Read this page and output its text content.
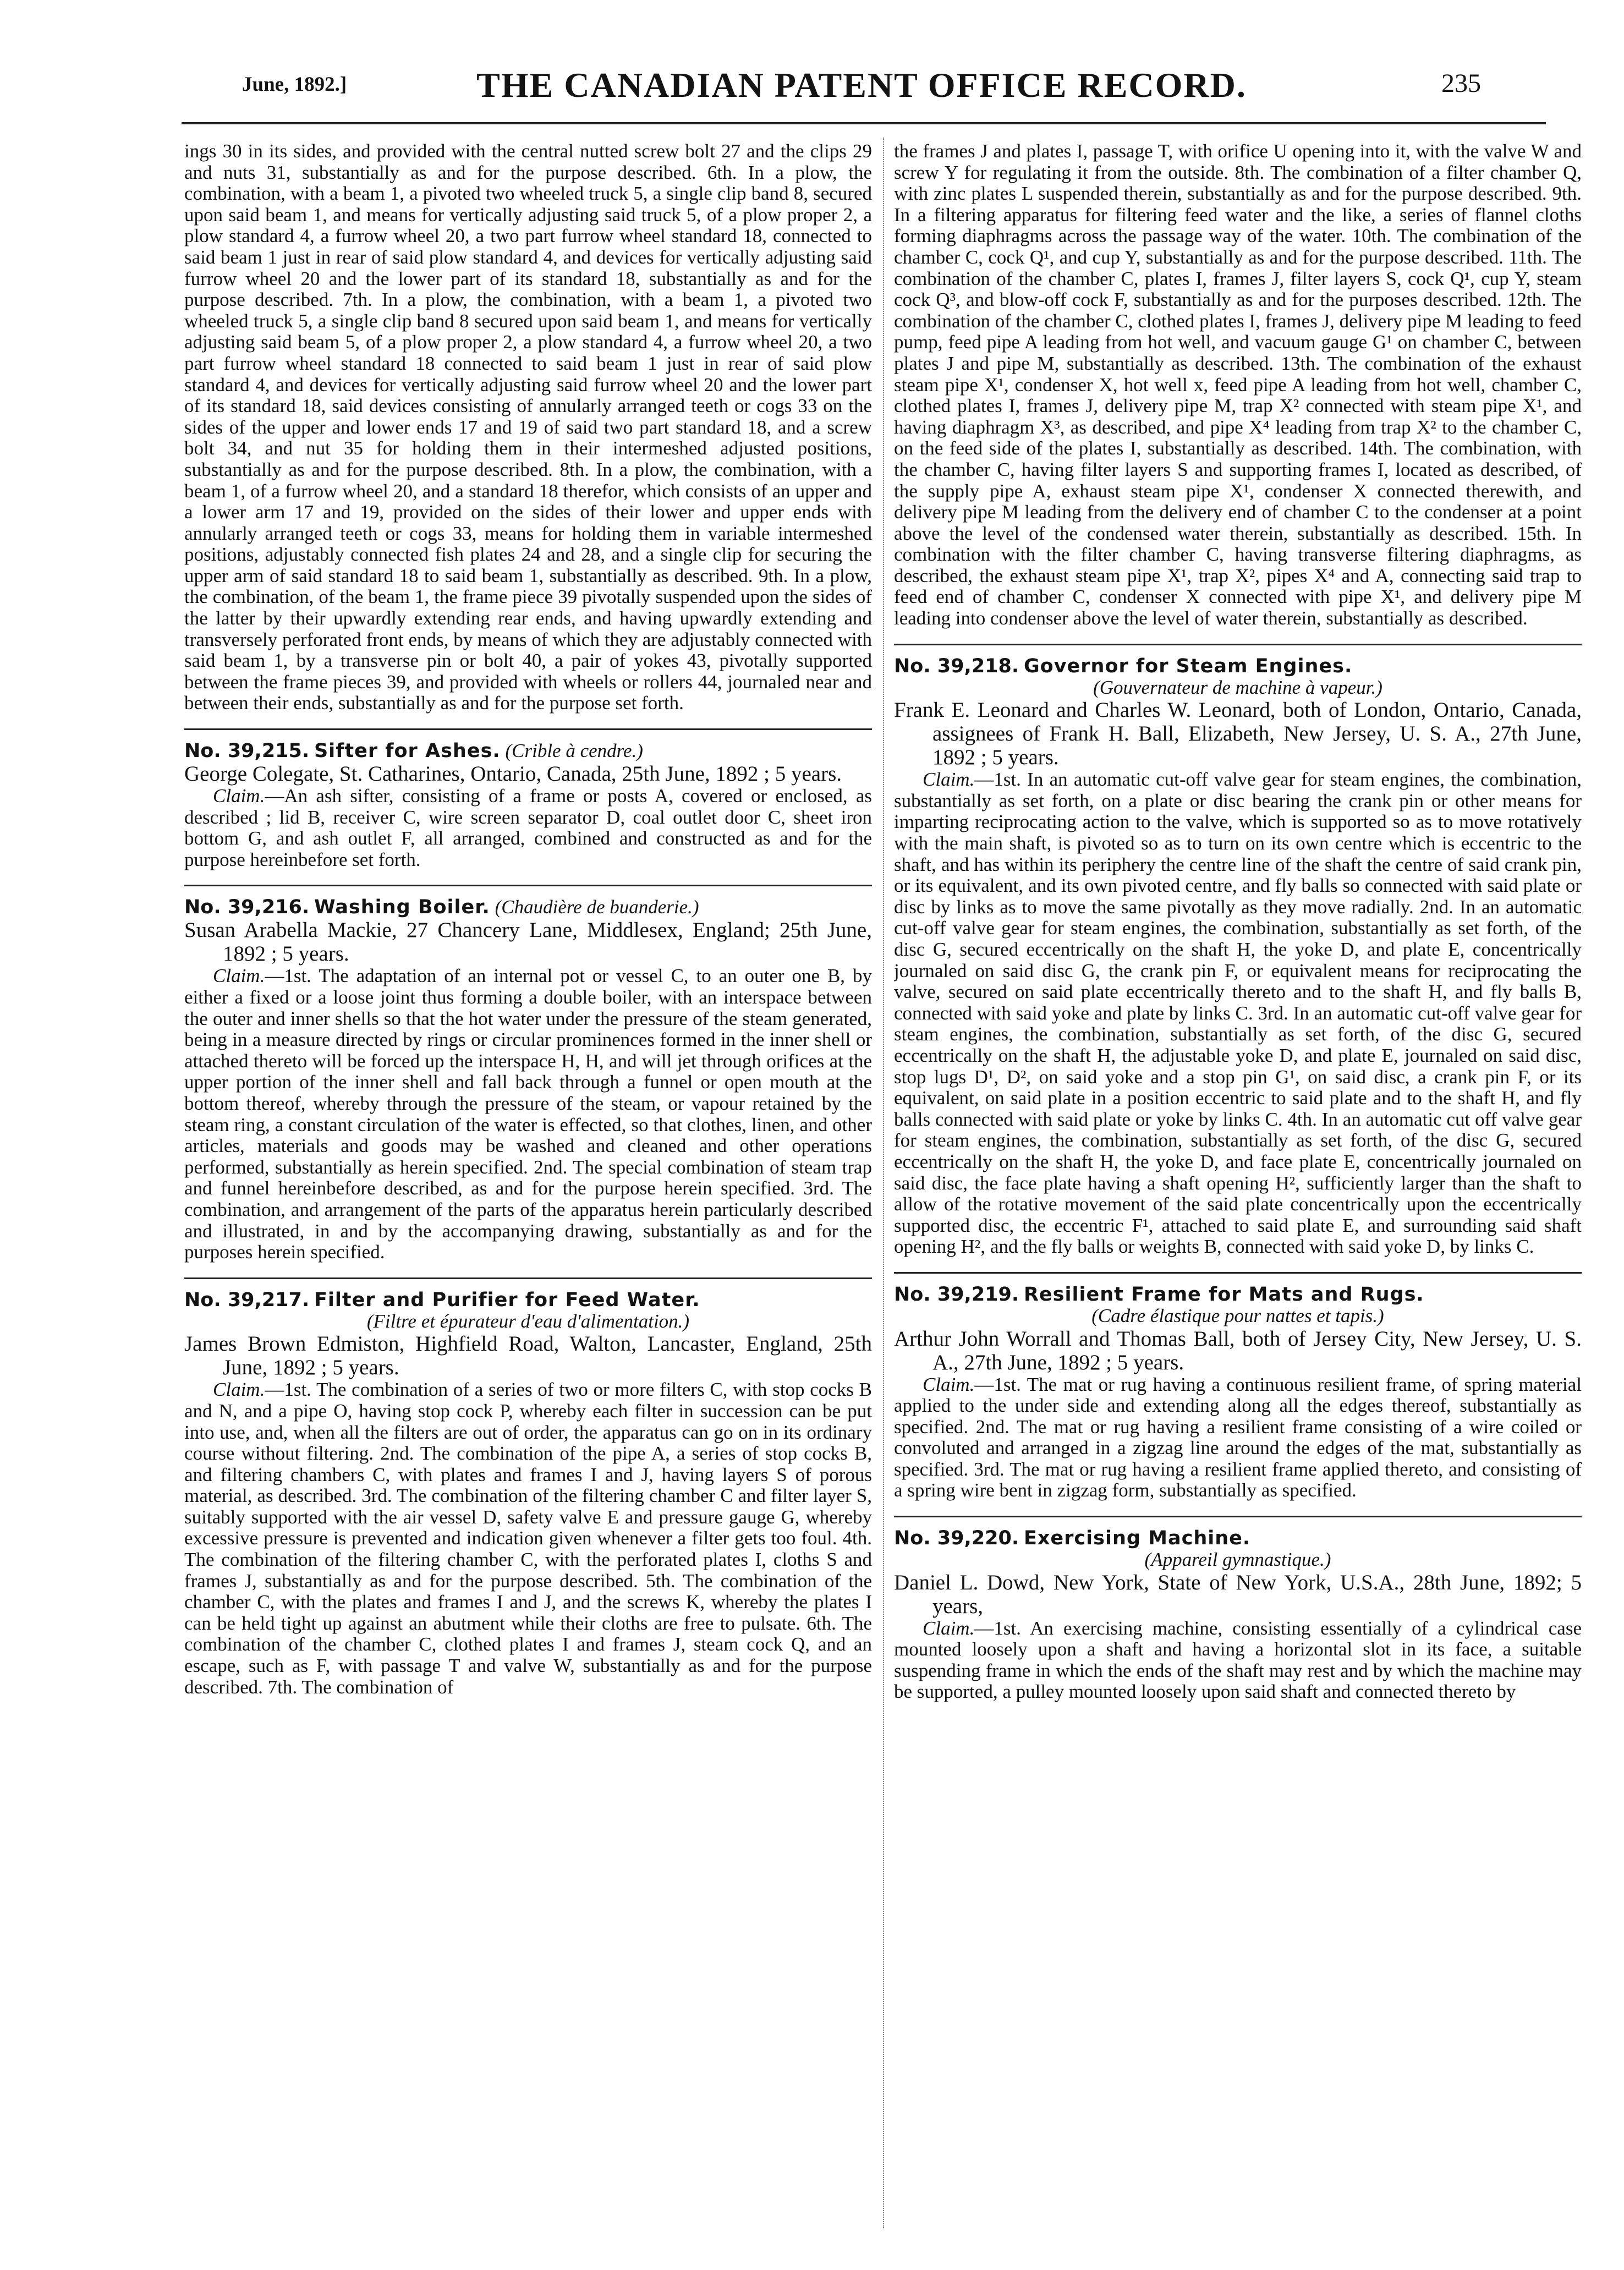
June, 1892.]	THE CANADIAN PATENT OFFICE RECORD.	235

ings 30 in its sides, and provided with the central nutted screw bolt 27 and the clips 29 and nuts 31, substantially as and for the purpose described. 6th. In a plow, the combination, with a beam 1, a pivoted two wheeled truck 5, a single clip band 8, secured upon said beam 1, and means for vertically adjusting said truck 5, of a plow proper 2, a plow standard 4, a furrow wheel 20, a two part furrow wheel standard 18, connected to said beam 1 just in rear of said plow standard 4, and devices for vertically adjusting said furrow wheel 20 and the lower part of its standard 18, substantially as and for the purpose described. 7th. In a plow, the combination, with a beam 1, a pivoted two wheeled truck 5, a single clip band 8 secured upon said beam 1, and means for vertically adjusting said beam 5, of a plow proper 2, a plow standard 4, a furrow wheel 20, a two part furrow wheel standard 18 connected to said beam 1 just in rear of said plow standard 4, and devices for vertically adjusting said furrow wheel 20 and the lower part of its standard 18, said devices consisting of annularly arranged teeth or cogs 33 on the sides of the upper and lower ends 17 and 19 of said two part standard 18, and a screw bolt 34, and nut 35 for holding them in their intermeshed adjusted positions, substantially as and for the purpose described. 8th. In a plow, the combination, with a beam 1, of a furrow wheel 20, and a standard 18 therefor, which consists of an upper and a lower arm 17 and 19, provided on the sides of their lower and upper ends with annularly arranged teeth or cogs 33, means for holding them in variable intermeshed positions, adjustably connected fish plates 24 and 28, and a single clip for securing the upper arm of said standard 18 to said beam 1, substantially as described. 9th. In a plow, the combination, of the beam 1, the frame piece 39 pivotally suspended upon the sides of the latter by their upwardly extending rear ends, and having upwardly extending and transversely perforated front ends, by means of which they are adjustably connected with said beam 1, by a transverse pin or bolt 40, a pair of yokes 43, pivotally supported between the frame pieces 39, and provided with wheels or rollers 44, journaled near and between their ends, substantially as and for the purpose set forth.

No. 39,215. Sifter for Ashes. (Crible à cendre.)

George Colegate, St. Catharines, Ontario, Canada, 25th June, 1892 ; 5 years.

Claim.—An ash sifter, consisting of a frame or posts A, covered or enclosed, as described ; lid B, receiver C, wire screen separator D, coal outlet door C, sheet iron bottom G, and ash outlet F, all arranged, combined and constructed as and for the purpose hereinbefore set forth.

No. 39,216. Washing Boiler. (Chaudière de buanderie.)

Susan Arabella Mackie, 27 Chancery Lane, Middlesex, England; 25th June, 1892 ; 5 years.

Claim.—1st. The adaptation of an internal pot or vessel C, to an outer one B, by either a fixed or a loose joint thus forming a double boiler, with an interspace between the outer and inner shells so that the hot water under the pressure of the steam generated, being in a measure directed by rings or circular prominences formed in the inner shell or attached thereto will be forced up the interspace H, H, and will jet through orifices at the upper portion of the inner shell and fall back through a funnel or open mouth at the bottom thereof, whereby through the pressure of the steam, or vapour retained by the steam ring, a constant circulation of the water is effected, so that clothes, linen, and other articles, materials and goods may be washed and cleaned and other operations performed, substantially as herein specified. 2nd. The special combination of steam trap and funnel hereinbefore described, as and for the purpose herein specified. 3rd. The combination, and arrangement of the parts of the apparatus herein particularly described and illustrated, in and by the accompanying drawing, substantially as and for the purposes herein specified.

No. 39,217. Filter and Purifier for Feed Water.

(Filtre et épurateur d'eau d'alimentation.)

James Brown Edmiston, Highfield Road, Walton, Lancaster, England, 25th June, 1892 ; 5 years.

Claim.—1st. The combination of a series of two or more filters C, with stop cocks B and N, and a pipe O, having stop cock P, whereby each filter in succession can be put into use, and, when all the filters are out of order, the apparatus can go on in its ordinary course without filtering. 2nd. The combination of the pipe A, a series of stop cocks B, and filtering chambers C, with plates and frames I and J, having layers S of porous material, as described. 3rd. The combination of the filtering chamber C and filter layer S, suitably supported with the air vessel D, safety valve E and pressure gauge G, whereby excessive pressure is prevented and indication given whenever a filter gets too foul. 4th. The combination of the filtering chamber C, with the perforated plates I, cloths S and frames J, substantially as and for the purpose described. 5th. The combination of the chamber C, with the plates and frames I and J, and the screws K, whereby the plates I can be held tight up against an abutment while their cloths are free to pulsate. 6th. The combination of the chamber C, clothed plates I and frames J, steam cock Q, and an escape, such as F, with passage T and valve W, substantially as and for the purpose described. 7th. The combination of

the frames J and plates I, passage T, with orifice U opening into it, with the valve W and screw Y for regulating it from the outside. 8th. The combination of a filter chamber Q, with zinc plates L suspended therein, substantially as and for the purpose described. 9th. In a filtering apparatus for filtering feed water and the like, a series of flannel cloths forming diaphragms across the passage way of the water. 10th. The combination of the chamber C, cock Q¹, and cup Y, substantially as and for the purpose described. 11th. The combination of the chamber C, plates I, frames J, filter layers S, cock Q¹, cup Y, steam cock Q³, and blow-off cock F, substantially as and for the purposes described. 12th. The combination of the chamber C, clothed plates I, frames J, delivery pipe M leading to feed pump, feed pipe A leading from hot well, and vacuum gauge G¹ on chamber C, between plates J and pipe M, substantially as described. 13th. The combination of the exhaust steam pipe X¹, condenser X, hot well x, feed pipe A leading from hot well, chamber C, clothed plates I, frames J, delivery pipe M, trap X² connected with steam pipe X¹, and having diaphragm X³, as described, and pipe X⁴ leading from trap X² to the chamber C, on the feed side of the plates I, substantially as described. 14th. The combination, with the chamber C, having filter layers S and supporting frames I, located as described, of the supply pipe A, exhaust steam pipe X¹, condenser X connected therewith, and delivery pipe M leading from the delivery end of chamber C to the condenser at a point above the level of the condensed water therein, substantially as described. 15th. In combination with the filter chamber C, having transverse filtering diaphragms, as described, the exhaust steam pipe X¹, trap X², pipes X⁴ and A, connecting said trap to feed end of chamber C, condenser X connected with pipe X¹, and delivery pipe M leading into condenser above the level of water therein, substantially as described.

No. 39,218. Governor for Steam Engines.

(Gouvernateur de machine à vapeur.)

Frank E. Leonard and Charles W. Leonard, both of London, Ontario, Canada, assignees of Frank H. Ball, Elizabeth, New Jersey, U. S. A., 27th June, 1892 ; 5 years.

Claim.—1st. In an automatic cut-off valve gear for steam engines, the combination, substantially as set forth, on a plate or disc bearing the crank pin or other means for imparting reciprocating action to the valve, which is supported so as to move rotatively with the main shaft, is pivoted so as to turn on its own centre which is eccentric to the shaft, and has within its periphery the centre line of the shaft the centre of said crank pin, or its equivalent, and its own pivoted centre, and fly balls so connected with said plate or disc by links as to move the same pivotally as they move radially. 2nd. In an automatic cut-off valve gear for steam engines, the combination, substantially as set forth, of the disc G, secured eccentrically on the shaft H, the yoke D, and plate E, concentrically journaled on said disc G, the crank pin F, or equivalent means for reciprocating the valve, secured on said plate eccentrically thereto and to the shaft H, and fly balls B, connected with said yoke and plate by links C. 3rd. In an automatic cut-off valve gear for steam engines, the combination, substantially as set forth, of the disc G, secured eccentrically on the shaft H, the adjustable yoke D, and plate E, journaled on said disc, stop lugs D¹, D², on said yoke and a stop pin G¹, on said disc, a crank pin F, or its equivalent, on said plate in a position eccentric to said plate and to the shaft H, and fly balls connected with said plate or yoke by links C. 4th. In an automatic cut off valve gear for steam engines, the combination, substantially as set forth, of the disc G, secured eccentrically on the shaft H, the yoke D, and face plate E, concentrically journaled on said disc, the face plate having a shaft opening H², sufficiently larger than the shaft to allow of the rotative movement of the said plate concentrically upon the eccentrically supported disc, the eccentric F¹, attached to said plate E, and surrounding said shaft opening H², and the fly balls or weights B, connected with said yoke D, by links C.

No. 39,219. Resilient Frame for Mats and Rugs.

(Cadre élastique pour nattes et tapis.)

Arthur John Worrall and Thomas Ball, both of Jersey City, New Jersey, U. S. A., 27th June, 1892 ; 5 years.

Claim.—1st. The mat or rug having a continuous resilient frame, of spring material applied to the under side and extending along all the edges thereof, substantially as specified. 2nd. The mat or rug having a resilient frame consisting of a wire coiled or convoluted and arranged in a zigzag line around the edges of the mat, substantially as specified. 3rd. The mat or rug having a resilient frame applied thereto, and consisting of a spring wire bent in zigzag form, substantially as specified.

No. 39,220. Exercising Machine.

(Appareil gymnastique.)

Daniel L. Dowd, New York, State of New York, U.S.A., 28th June, 1892; 5 years,

Claim.—1st. An exercising machine, consisting essentially of a cylindrical case mounted loosely upon a shaft and having a horizontal slot in its face, a suitable suspending frame in which the ends of the shaft may rest and by which the machine may be supported, a pulley mounted loosely upon said shaft and connected thereto by
